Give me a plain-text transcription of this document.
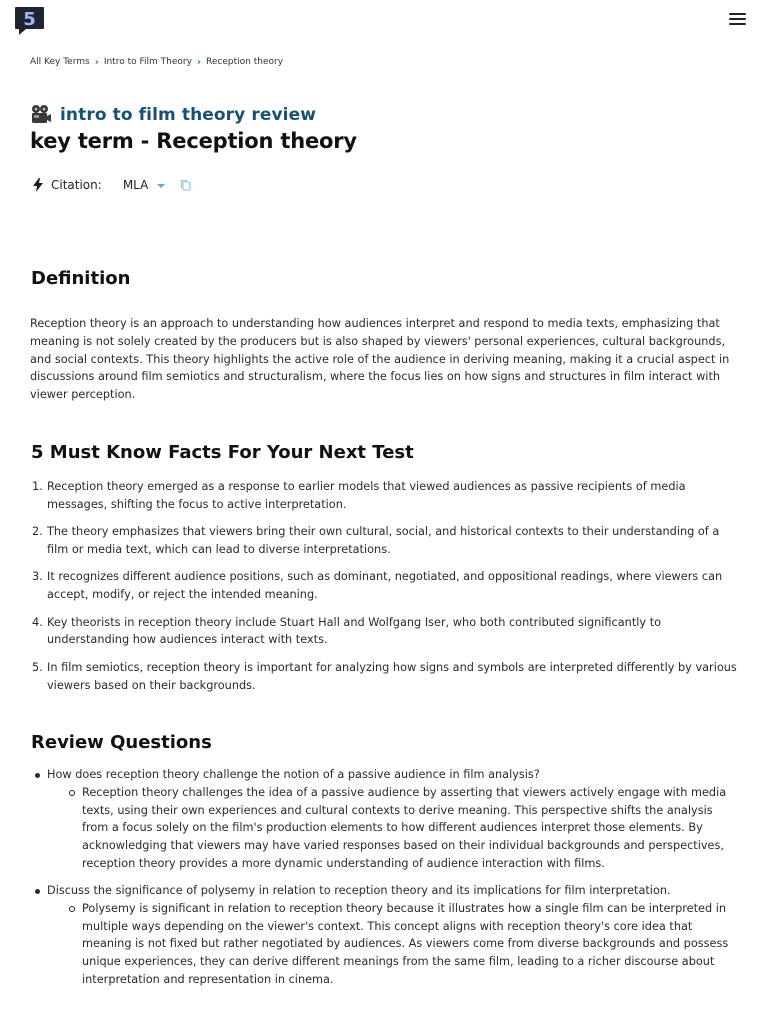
5
All Key Terms › Intro to Film Theory › Reception theory
intro to film theory review
key term - Reception theory
Citation: MLA
Definition

Reception theory is an approach to understanding how audiences interpret and respond to media texts, emphasizing that meaning is not solely created by the producers but is also shaped by viewers' personal experiences, cultural backgrounds, and social contexts. This theory highlights the active role of the audience in deriving meaning, making it a crucial aspect in discussions around film semiotics and structuralism, where the focus lies on how signs and structures in film interact with viewer perception.

5 Must Know Facts For Your Next Test
1. Reception theory emerged as a response to earlier models that viewed audiences as passive recipients of media messages, shifting the focus to active interpretation.
2. The theory emphasizes that viewers bring their own cultural, social, and historical contexts to their understanding of a film or media text, which can lead to diverse interpretations.
3. It recognizes different audience positions, such as dominant, negotiated, and oppositional readings, where viewers can accept, modify, or reject the intended meaning.
4. Key theorists in reception theory include Stuart Hall and Wolfgang Iser, who both contributed significantly to understanding how audiences interact with texts.
5. In film semiotics, reception theory is important for analyzing how signs and symbols are interpreted differently by various viewers based on their backgrounds.
Review Questions
How does reception theory challenge the notion of a passive audience in film analysis?
Reception theory challenges the idea of a passive audience by asserting that viewers actively engage with media texts, using their own experiences and cultural contexts to derive meaning. This perspective shifts the analysis from a focus solely on the film's production elements to how different audiences interpret those elements. By acknowledging that viewers may have varied responses based on their individual backgrounds and perspectives, reception theory provides a more dynamic understanding of audience interaction with films.
Discuss the significance of polysemy in relation to reception theory and its implications for film interpretation.
Polysemy is significant in relation to reception theory because it illustrates how a single film can be interpreted in multiple ways depending on the viewer's context. This concept aligns with reception theory's core idea that meaning is not fixed but rather negotiated by audiences. As viewers come from diverse backgrounds and possess unique experiences, they can derive different meanings from the same film, leading to a richer discourse about interpretation and representation in cinema.
